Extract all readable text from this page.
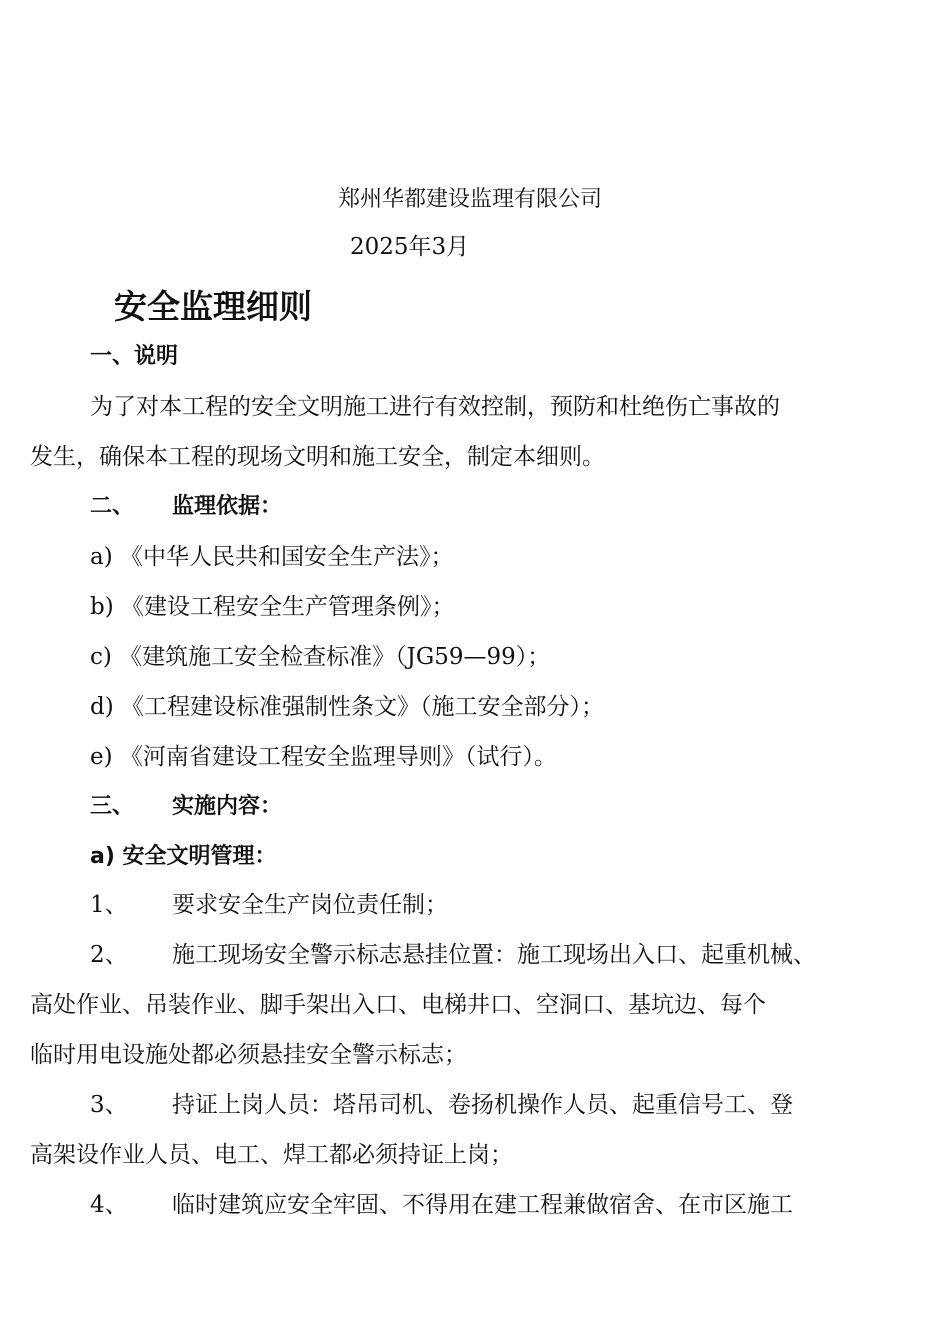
郑州华都建设监理有限公司
2025年3月
安全监理细则
一、说明
为了对本工程的安全文明施工进行有效控制，预防和杜绝伤亡事故的
发生，确保本工程的现场文明和施工安全，制定本细则。
二、 监理依据：
a) 《中华人民共和国安全生产法》；
b) 《建设工程安全生产管理条例》；
c) 《建筑施工安全检查标准》（JG59—99）；
d) 《工程建设标准强制性条文》（施工安全部分）；
e) 《河南省建设工程安全监理导则》（试行）。
三、 实施内容：
a) 安全文明管理：
1、 要求安全生产岗位责任制；
2、 施工现场安全警示标志悬挂位置：施工现场出入口、起重机械、
高处作业、吊装作业、脚手架出入口、电梯井口、空洞口、基坑边、每个
临时用电设施处都必须悬挂安全警示标志；
3、 持证上岗人员：塔吊司机、卷扬机操作人员、起重信号工、登
高架设作业人员、电工、焊工都必须持证上岗；
4、 临时建筑应安全牢固、不得用在建工程兼做宿舍、在市区施工
